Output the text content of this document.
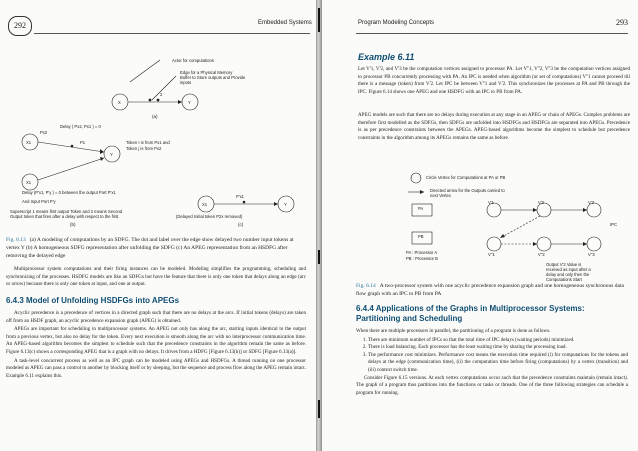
292	Embedded Systems
Actor for computations
Edge for a Physical Memory
Buffer to Store outputs and Provide
inputs
X	Y
2
(a)
X1
Px2
Delay ( Px2, Px1 ) = 0
P1	Token I is from Px1 and
Token j is from Px2
Y
X1
Delay (P'x1, P'y ) = 0 between the output Port P'x1
And Input Port P'y
Superscript 1 means first output Token and 2 means Second
Output token that fires after a delay with respect to the first
(b)
X1
P'x1
Y
(Delayed Initial token P2x removed)
(c)
Fig. 6.13 (a) A modeling of computations by an SDFG. The dot and label over the edge show delayed two number input tokens at vertex Y (b) A homogeneous SDFG representation after unfolding the SDFG (c) An APEG representation from an HSDFG after removing the delayed edge

Multiprocessor system computations and their firing instances can be modeled. Modeling simplifies the programming, scheduling and synchronizing of the processes. HSDFG models are like an SDFGs but have the feature that there is only one token that delays along an edge (arc or arrow) because there is only one token at input, and one at output.

6.4.3 Model of Unfolding HSDFGs into APEGs

Acyclic precedence is a precedence of vertices in a directed graph such that there are no delays at the arcs. If initial tokens (delays) are taken off from an HSDF graph, an acyclic precedence expansion graph (APEG) is obtained.

APEGs are important for scheduling in multiprocessor systems. An APEG not only has along the arc, starting inputs identical to the output from a previous vertex, but also no delay for the token. Every next execution is smooth along the arc with no interprocessor communication time. An APEG-based algorithm becomes the simplest to schedule such that the precedence constraints in the algorithm remain the same as before. Figure 6.13(c) shows a corresponding APEG that is a graph with no delays. It drives from a HDFG [Figure 6.13(b)] or SDFG [Figure 6.13(a)].

A task-level concurrent process as well as an IPC graph can be modeled using APEGs and HSDFGs. A thread running on one processor modeled as APEG can pass a control to another by blocking itself or by sleeping, but the sequence and process flow along the APEG remain intact. Example 6.11 explains this.

Program Modeling Concepts	293
Example 6.11

Let V'1, V'2, and V'3 be the computation vertices assigned to processor PA. Let V''1, V''2, V''3 be the computation vertices assigned to processor PB concurrently processing with PA. An IPC is needed when algorithm (or set of computations) V''1 cannot proceed till there is a message (token) from V'2. Let IPC be between V''1 and V'2. This synchronizes the processes at PA and PB through the IPC. Figure 6.14 shows one APEG and one HSDFG with an IPC to PB from PA.

APEG models are such that there are no delays during execution at any stage in an APEG or chain of APEGs. Complex problems are therefore first modelled as the SDFGs, then SDFGs are unfolded into HSDFGs and HSDFGs are separated into APEGs. Precedence is as per precedence constraints between the APEGs. APEG-based algorithms become the simplest to schedule but precedence constraints in the algorithm among its APEGs remains the same as before.

Circle Vertex for Computations at PA or PB
Directed arrow for the Outputs carried to
next Vertex
PA
PB
V'1	V'2	V'3
IPC
V''1	V''2	V''3
PA : Processor A
PB : Processor B
Output V'2 Value is
received as input after a
delay and only then the
Computations Start
Fig. 6.14 A two-processor system with one acyclic precedence expansion graph and one homogeneous synchronous data flow graph with an IPC to PB from PA
6.4.4 Applications of the Graphs in Multiprocessor Systems: Partitioning and Scheduling

When there are multiple processors in parallel, the partitioning of a program is done as follows.

1. There are minimum number of IPCs so that the total time of IPC delays (waiting periods) minimized.
2. There is load balancing. Each processor has the least waiting time by sharing the processing load.
3. The performance cost minimizes. Performance cost means the execution time required (i) for computations for the tokens and delays at the edge (communication time), (ii) the computation time before firing (computations) by a vertex (transition) and (iii) context switch time.

Consider Figure 6.15 versions. At each vertex computations occur such that the precedence constraints maintain (remain intact). The graph of a program thus partitions into the functions or tasks or threads. One of the three following strategies can schedule a program for running.
